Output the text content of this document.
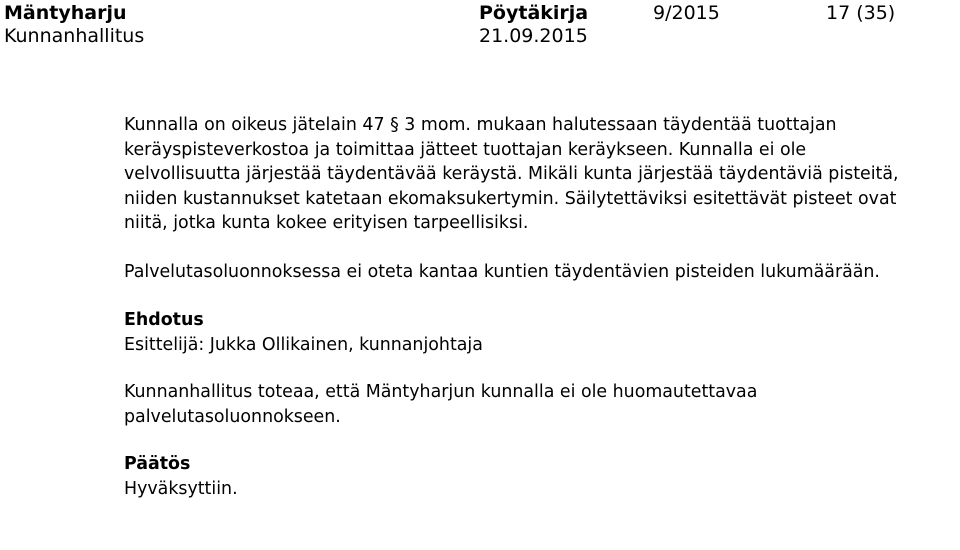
Mäntyharju
Kunnanhallitus
Pöytäkirja
21.09.2015
9/2015	17 (35)

Kunnalla on oikeus jätelain 47 § 3 mom. mukaan halutessaan täydentää tuottajan keräyspisteverkostoa ja toimittaa jätteet tuottajan keräykseen. Kunnalla ei ole velvollisuutta järjestää täydentävää keräystä. Mikäli kunta järjestää täydentäviä pisteitä, niiden kustannukset katetaan ekomaksukertymin. Säilytettäviksi esitettävät pisteet ovat niitä, jotka kunta kokee erityisen tarpeellisiksi.

Palvelutasoluonnoksessa ei oteta kantaa kuntien täydentävien pisteiden lukumäärään.

Ehdotus

Esittelijä: Jukka Ollikainen, kunnanjohtaja

Kunnanhallitus toteaa, että Mäntyharjun kunnalla ei ole huomautettavaa palvelutasoluonnokseen.

Päätös

Hyväksyttiin.
